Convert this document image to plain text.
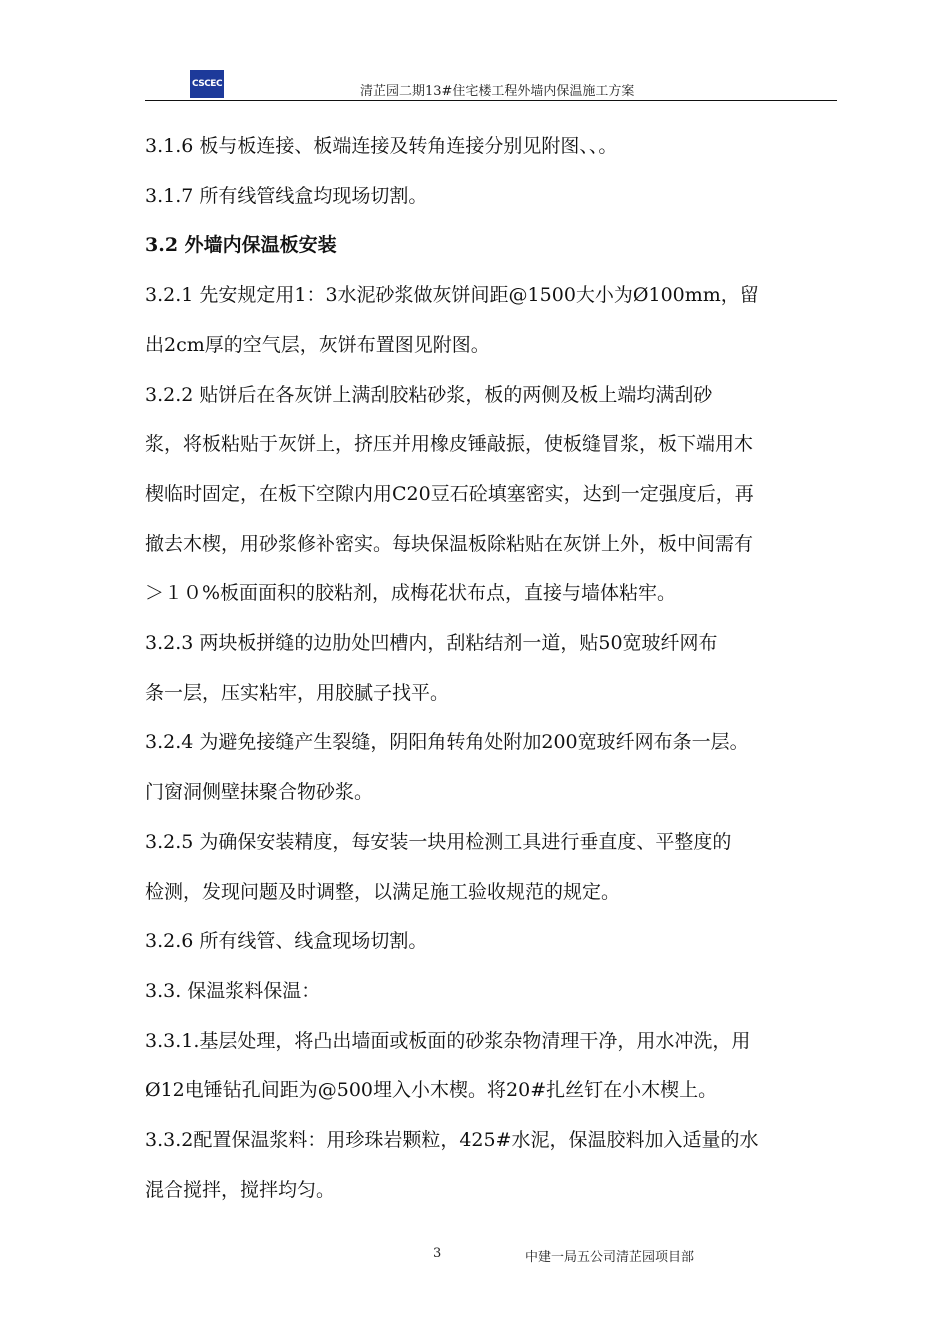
CSCEC	清芷园二期13#住宅楼工程外墙内保温施工方案

3.1.6 板与板连接、板端连接及转角连接分别见附图、、。

3.1.7 所有线管线盒均现场切割。

3.2 外墙内保温板安装

3.2.1 先安规定用1：3水泥砂浆做灰饼间距@1500大小为Ø100mm，留

出2cm厚的空气层，灰饼布置图见附图。

3.2.2 贴饼后在各灰饼上满刮胶粘砂浆，板的两侧及板上端均满刮砂

浆，将板粘贴于灰饼上，挤压并用橡皮锤敲振，使板缝冒浆，板下端用木

楔临时固定，在板下空隙内用C20豆石砼填塞密实，达到一定强度后，再

撤去木楔，用砂浆修补密实。每块保温板除粘贴在灰饼上外，板中间需有

＞１０%板面面积的胶粘剂，成梅花状布点，直接与墙体粘牢。

3.2.3 两块板拼缝的边肋处凹槽内，刮粘结剂一道，贴50宽玻纤网布

条一层，压实粘牢，用胶腻子找平。

3.2.4 为避免接缝产生裂缝，阴阳角转角处附加200宽玻纤网布条一层。

门窗洞侧壁抹聚合物砂浆。

3.2.5 为确保安装精度，每安装一块用检测工具进行垂直度、平整度的

检测，发现问题及时调整，以满足施工验收规范的规定。

3.2.6 所有线管、线盒现场切割。

3.3. 保温浆料保温：

3.3.1.基层处理，将凸出墙面或板面的砂浆杂物清理干净，用水冲洗，用

Ø12电锤钻孔间距为@500埋入小木楔。将20#扎丝钉在小木楔上。

3.3.2配置保温浆料：用珍珠岩颗粒，425#水泥，保温胶料加入适量的水

混合搅拌，搅拌均匀。

3	中建一局五公司清芷园项目部
